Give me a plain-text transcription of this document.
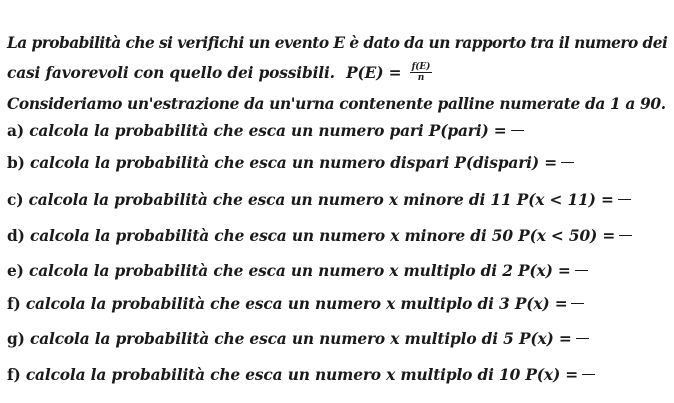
La probabilità che si verifichi un evento E è dato da un rapporto tra il numero dei
casi favorevoli con quello dei possibili. $P(E) = \frac{f(E)}{n}$
Consideriamo un'estrazione da un'urna contenente palline numerate da 1 a 90.
a) calcola la probabilità che esca un numero pari P(pari) =
b) calcola la probabilità che esca un numero dispari P(dispari) =
c) calcola la probabilità che esca un numero x minore di 11 P(x < 11) =
d) calcola la probabilità che esca un numero x minore di 50 P(x < 50) =
e) calcola la probabilità che esca un numero x multiplo di 2 P(x) =
f) calcola la probabilità che esca un numero x multiplo di 3 P(x) =
g) calcola la probabilità che esca un numero x multiplo di 5 P(x) =
f) calcola la probabilità che esca un numero x multiplo di 10 P(x) =
